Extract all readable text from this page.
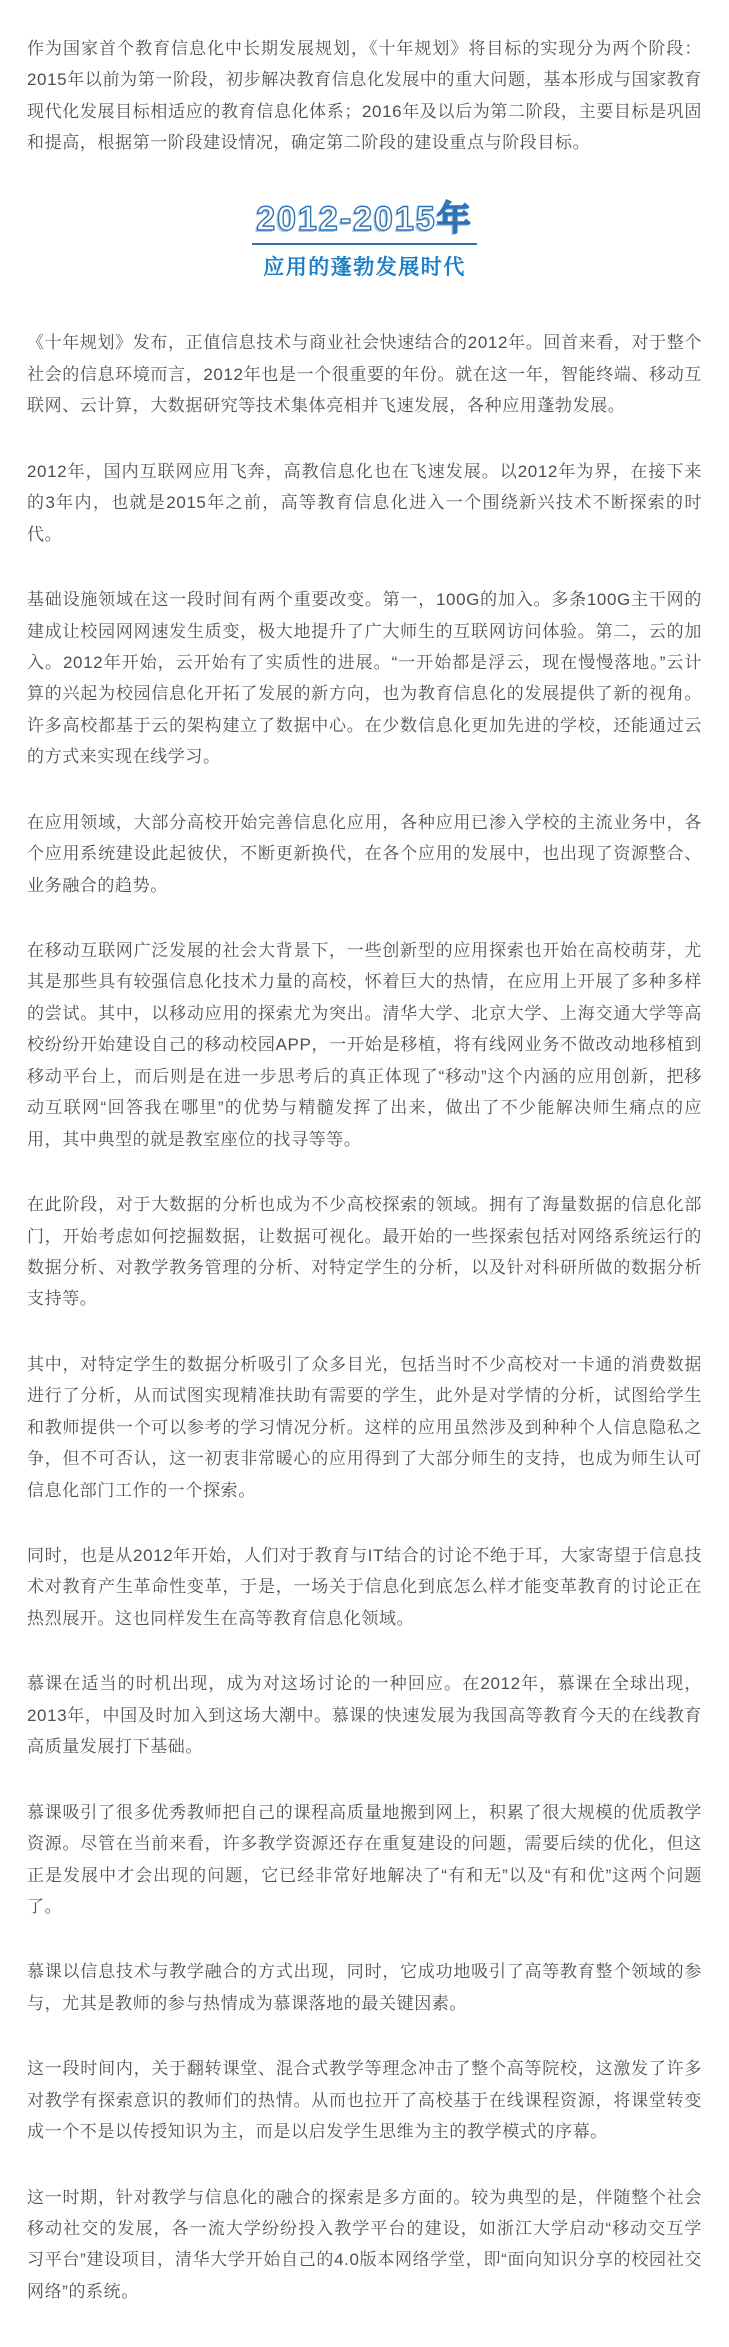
作为国家首个教育信息化中长期发展规划，《十年规划》将目标的实现分为两个阶段：2015年以前为第一阶段，初步解决教育信息化发展中的重大问题，基本形成与国家教育现代化发展目标相适应的教育信息化体系；2016年及以后为第二阶段，主要目标是巩固和提高，根据第一阶段建设情况，确定第二阶段的建设重点与阶段目标。

2012-2015年
应用的蓬勃发展时代

《十年规划》发布，正值信息技术与商业社会快速结合的2012年。回首来看，对于整个社会的信息环境而言，2012年也是一个很重要的年份。就在这一年，智能终端、移动互联网、云计算，大数据研究等技术集体亮相并飞速发展，各种应用蓬勃发展。

2012年，国内互联网应用飞奔，高教信息化也在飞速发展。以2012年为界，在接下来的3年内，也就是2015年之前，高等教育信息化进入一个围绕新兴技术不断探索的时代。

基础设施领域在这一段时间有两个重要改变。第一，100G的加入。多条100G主干网的建成让校园网网速发生质变，极大地提升了广大师生的互联网访问体验。第二，云的加入。2012年开始，云开始有了实质性的进展。“一开始都是浮云，现在慢慢落地。”云计算的兴起为校园信息化开拓了发展的新方向，也为教育信息化的发展提供了新的视角。许多高校都基于云的架构建立了数据中心。在少数信息化更加先进的学校，还能通过云的方式来实现在线学习。

在应用领域，大部分高校开始完善信息化应用，各种应用已渗入学校的主流业务中，各个应用系统建设此起彼伏，不断更新换代，在各个应用的发展中，也出现了资源整合、业务融合的趋势。

在移动互联网广泛发展的社会大背景下，一些创新型的应用探索也开始在高校萌芽，尤其是那些具有较强信息化技术力量的高校，怀着巨大的热情，在应用上开展了多种多样的尝试。其中，以移动应用的探索尤为突出。清华大学、北京大学、上海交通大学等高校纷纷开始建设自己的移动校园APP，一开始是移植，将有线网业务不做改动地移植到移动平台上，而后则是在进一步思考后的真正体现了“移动”这个内涵的应用创新，把移动互联网“回答我在哪里”的优势与精髓发挥了出来，做出了不少能解决师生痛点的应用，其中典型的就是教室座位的找寻等等。

在此阶段，对于大数据的分析也成为不少高校探索的领域。拥有了海量数据的信息化部门，开始考虑如何挖掘数据，让数据可视化。最开始的一些探索包括对网络系统运行的数据分析、对教学教务管理的分析、对特定学生的分析，以及针对科研所做的数据分析支持等。

其中，对特定学生的数据分析吸引了众多目光，包括当时不少高校对一卡通的消费数据进行了分析，从而试图实现精准扶助有需要的学生，此外是对学情的分析，试图给学生和教师提供一个可以参考的学习情况分析。这样的应用虽然涉及到种种个人信息隐私之争，但不可否认，这一初衷非常暖心的应用得到了大部分师生的支持，也成为师生认可信息化部门工作的一个探索。

同时，也是从2012年开始，人们对于教育与IT结合的讨论不绝于耳，大家寄望于信息技术对教育产生革命性变革，于是，一场关于信息化到底怎么样才能变革教育的讨论正在热烈展开。这也同样发生在高等教育信息化领域。

慕课在适当的时机出现，成为对这场讨论的一种回应。在2012年，慕课在全球出现，2013年，中国及时加入到这场大潮中。慕课的快速发展为我国高等教育今天的在线教育高质量发展打下基础。

慕课吸引了很多优秀教师把自己的课程高质量地搬到网上，积累了很大规模的优质教学资源。尽管在当前来看，许多教学资源还存在重复建设的问题，需要后续的优化，但这正是发展中才会出现的问题，它已经非常好地解决了“有和无”以及“有和优”这两个问题了。

慕课以信息技术与教学融合的方式出现，同时，它成功地吸引了高等教育整个领域的参与，尤其是教师的参与热情成为慕课落地的最关键因素。

这一段时间内，关于翻转课堂、混合式教学等理念冲击了整个高等院校，这激发了许多对教学有探索意识的教师们的热情。从而也拉开了高校基于在线课程资源，将课堂转变成一个不是以传授知识为主，而是以启发学生思维为主的教学模式的序幕。

这一时期，针对教学与信息化的融合的探索是多方面的。较为典型的是，伴随整个社会移动社交的发展，各一流大学纷纷投入教学平台的建设，如浙江大学启动“移动交互学习平台”建设项目，清华大学开始自己的4.0版本网络学堂，即“面向知识分享的校园社交网络”的系统。
